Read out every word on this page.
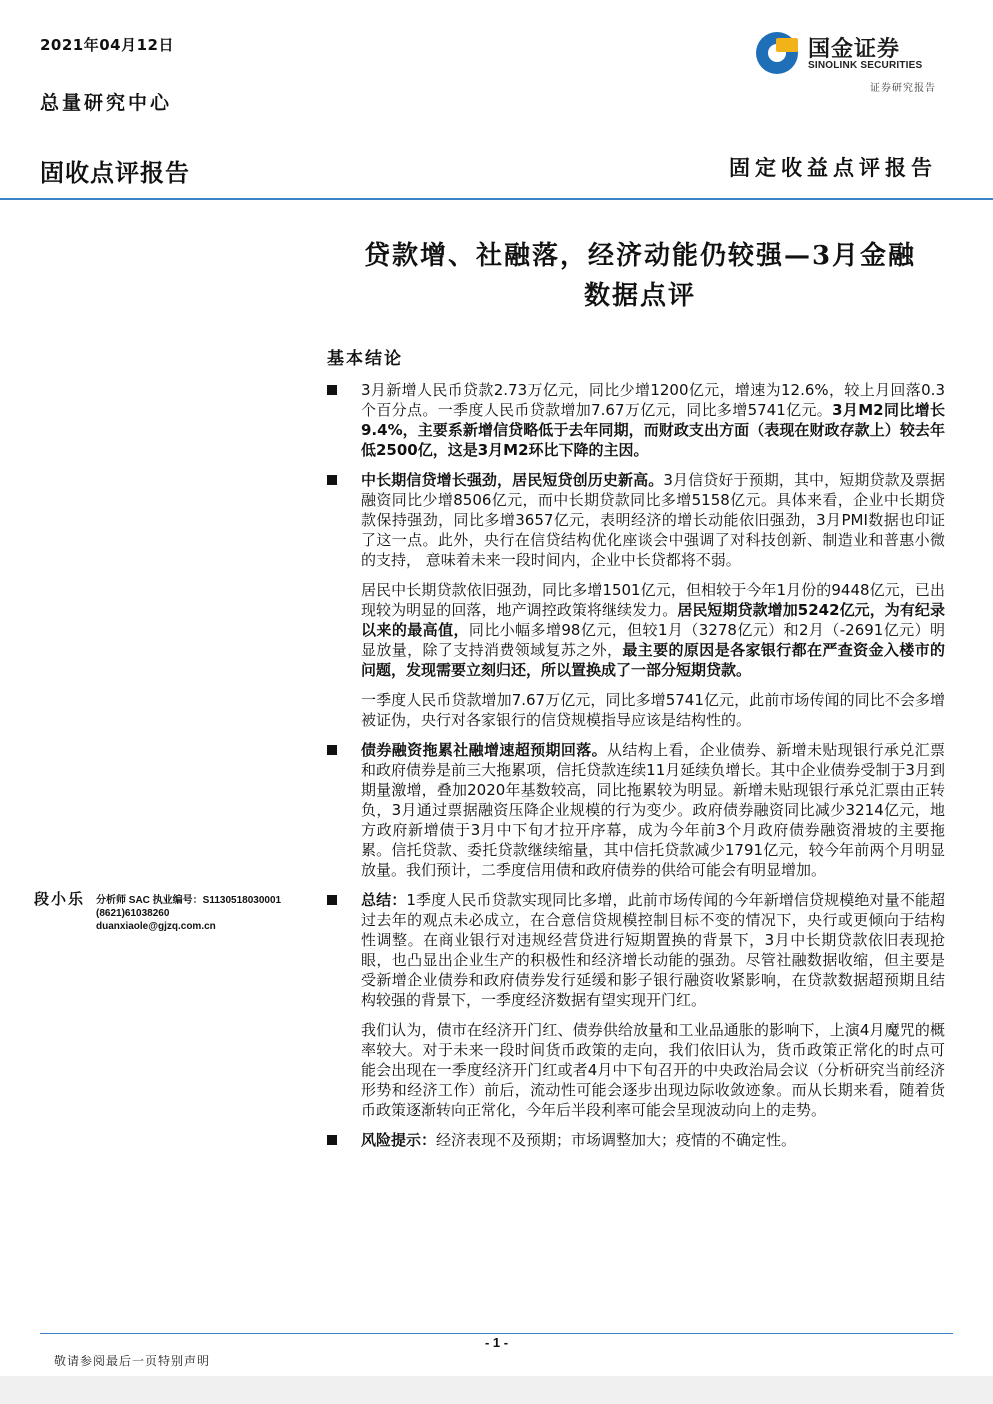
2021年04月12日
总量研究中心
固收点评报告	固定收益点评报告
国金证券
SINOLINK SECURITIES
证券研究报告
贷款增、社融落，经济动能仍较强—3月金融
数据点评
基本结论
3月新增人民币贷款2.73万亿元，同比少增1200亿元，增速为12.6%，较上月回落0.3个百分点。一季度人民币贷款增加7.67万亿元，同比多增5741亿元。3月M2同比增长9.4%，主要系新增信贷略低于去年同期，而财政支出方面（表现在财政存款上）较去年低2500亿，这是3月M2环比下降的主因。
中长期信贷增长强劲，居民短贷创历史新高。3月信贷好于预期，其中，短期贷款及票据融资同比少增8506亿元，而中长期贷款同比多增5158亿元。具体来看，企业中长期贷款保持强劲，同比多增3657亿元，表明经济的增长动能依旧强劲，3月PMI数据也印证了这一点。此外，央行在信贷结构优化座谈会中强调了对科技创新、制造业和普惠小微的支持， 意味着未来一段时间内，企业中长贷都将不弱。
居民中长期贷款依旧强劲，同比多增1501亿元，但相较于今年1月份的9448亿元，已出现较为明显的回落，地产调控政策将继续发力。居民短期贷款增加5242亿元，为有纪录以来的最高值，同比小幅多增98亿元，但较1月（3278亿元）和2月（-2691亿元）明显放量，除了支持消费领域复苏之外，最主要的原因是各家银行都在严查资金入楼市的问题，发现需要立刻归还，所以置换成了一部分短期贷款。
一季度人民币贷款增加7.67万亿元，同比多增5741亿元，此前市场传闻的同比不会多增被证伪，央行对各家银行的信贷规模指导应该是结构性的。
债券融资拖累社融增速超预期回落。从结构上看，企业债券、新增未贴现银行承兑汇票和政府债券是前三大拖累项，信托贷款连续11月延续负增长。其中企业债券受制于3月到期量激增，叠加2020年基数较高，同比拖累较为明显。新增未贴现银行承兑汇票由正转负，3月通过票据融资压降企业规模的行为变少。政府债券融资同比减少3214亿元，地方政府新增债于3月中下旬才拉开序幕，成为今年前3个月政府债券融资滑坡的主要拖累。信托贷款、委托贷款继续缩量，其中信托贷款减少1791亿元，较今年前两个月明显放量。我们预计，二季度信用债和政府债券的供给可能会有明显增加。
总结：1季度人民币贷款实现同比多增，此前市场传闻的今年新增信贷规模绝对量不能超过去年的观点未必成立，在合意信贷规模控制目标不变的情况下，央行或更倾向于结构性调整。在商业银行对违规经营贷进行短期置换的背景下，3月中长期贷款依旧表现抢眼，也凸显出企业生产的积极性和经济增长动能的强劲。尽管社融数据收缩，但主要是受新增企业债券和政府债券发行延缓和影子银行融资收紧影响，在贷款数据超预期且结构较强的背景下，一季度经济数据有望实现开门红。
我们认为，债市在经济开门红、债券供给放量和工业品通胀的影响下，上演4月魔咒的概率较大。对于未来一段时间货币政策的走向，我们依旧认为，货币政策正常化的时点可能会出现在一季度经济开门红或者4月中下旬召开的中央政治局会议（分析研究当前经济形势和经济工作）前后，流动性可能会逐步出现边际收敛迹象。而从长期来看，随着货币政策逐渐转向正常化，今年后半段利率可能会呈现波动向上的走势。
风险提示：经济表现不及预期；市场调整加大；疫情的不确定性。
段小乐 分析师 SAC 执业编号：S1130518030001
(8621)61038260
duanxiaole@gjzq.com.cn
- 1 -
敬请参阅最后一页特别声明
